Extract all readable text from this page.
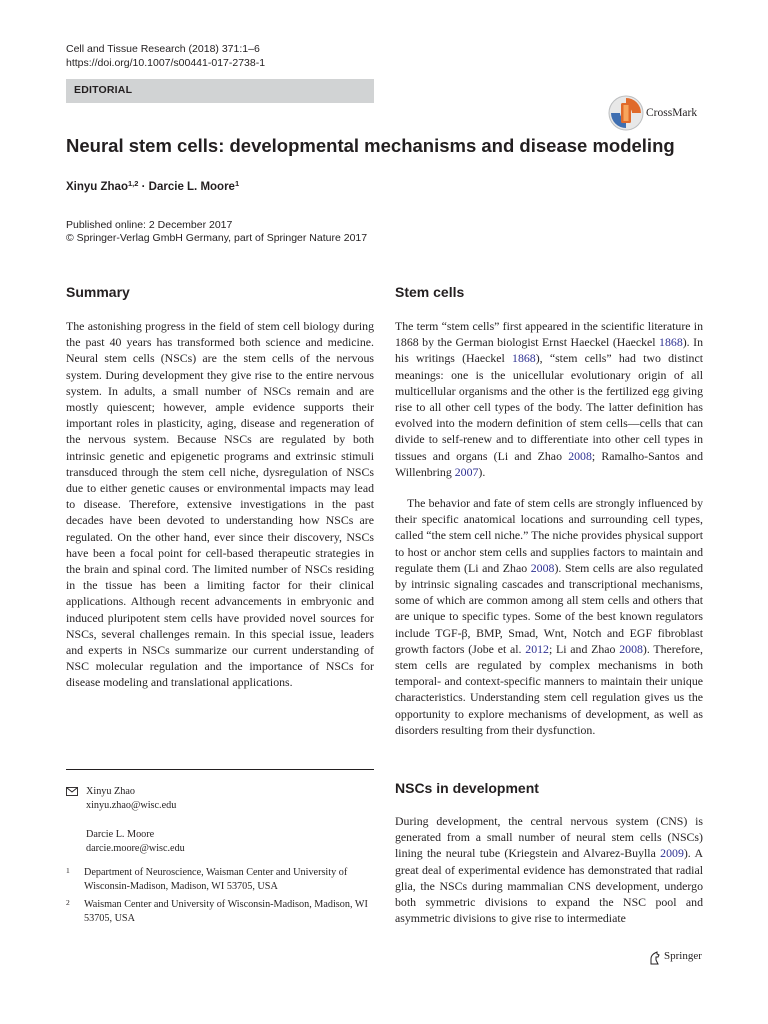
Cell and Tissue Research (2018) 371:1–6
https://doi.org/10.1007/s00441-017-2738-1
EDITORIAL
CrossMark
Neural stem cells: developmental mechanisms and disease modeling
Xinyu Zhao$^{1,2}$ · Darcie L. Moore$^1$
Published online: 2 December 2017
© Springer-Verlag GmbH Germany, part of Springer Nature 2017
Summary
The astonishing progress in the field of stem cell biology during the past 40 years has transformed both science and medicine. Neural stem cells (NSCs) are the stem cells of the nervous system. During development they give rise to the entire nervous system. In adults, a small number of NSCs remain and are mostly quiescent; however, ample evidence supports their important roles in plasticity, aging, disease and regeneration of the nervous system. Because NSCs are regulated by both intrinsic genetic and epigenetic programs and extrinsic stimuli transduced through the stem cell niche, dysregulation of NSCs due to either genetic causes or environmental impacts may lead to disease. Therefore, extensive investigations in the past decades have been devoted to understanding how NSCs are regulated. On the other hand, ever since their discovery, NSCs have been a focal point for cell-based therapeutic strategies in the brain and spinal cord. The limited number of NSCs residing in the tissue has been a limiting factor for their clinical applications. Although recent advancements in embryonic and induced pluripotent stem cells have provided novel sources for NSCs, several challenges remain. In this special issue, leaders and experts in NSCs summarize our current understanding of NSC molecular regulation and the importance of NSCs for disease modeling and translational applications.
Stem cells
The term “stem cells” first appeared in the scientific literature in 1868 by the German biologist Ernst Haeckel (Haeckel 1868). In his writings (Haeckel 1868), “stem cells” had two distinct meanings: one is the unicellular evolutionary origin of all multicellular organisms and the other is the fertilized egg giving rise to all other cell types of the body. The latter definition has evolved into the modern definition of stem cells—cells that can divide to self-renew and to differentiate into other cell types in tissues and organs (Li and Zhao 2008; Ramalho-Santos and Willenbring 2007).
The behavior and fate of stem cells are strongly influenced by their specific anatomical locations and surrounding cell types, called “the stem cell niche.” The niche provides physical support to host or anchor stem cells and supplies factors to maintain and regulate them (Li and Zhao 2008). Stem cells are also regulated by intrinsic signaling cascades and transcriptional mechanisms, some of which are common among all stem cells and others that are unique to specific types. Some of the best known regulators include TGF-β, BMP, Smad, Wnt, Notch and EGF fibroblast growth factors (Jobe et al. 2012; Li and Zhao 2008). Therefore, stem cells are regulated by complex mechanisms in both temporal- and context-specific manners to maintain their unique characteristics. Understanding stem cell regulation gives us the opportunity to explore mechanisms of development, as well as disorders resulting from their dysfunction.
Xinyu Zhao
xinyu.zhao@wisc.edu
Darcie L. Moore
darcie.moore@wisc.edu
1 Department of Neuroscience, Waisman Center and University of Wisconsin-Madison, Madison, WI 53705, USA
2 Waisman Center and University of Wisconsin-Madison, Madison, WI 53705, USA
NSCs in development
During development, the central nervous system (CNS) is generated from a small number of neural stem cells (NSCs) lining the neural tube (Kriegstein and Alvarez-Buylla 2009). A great deal of experimental evidence has demonstrated that radial glia, the NSCs during mammalian CNS development, undergo both symmetric divisions to expand the NSC pool and asymmetric divisions to give rise to intermediate
Springer
